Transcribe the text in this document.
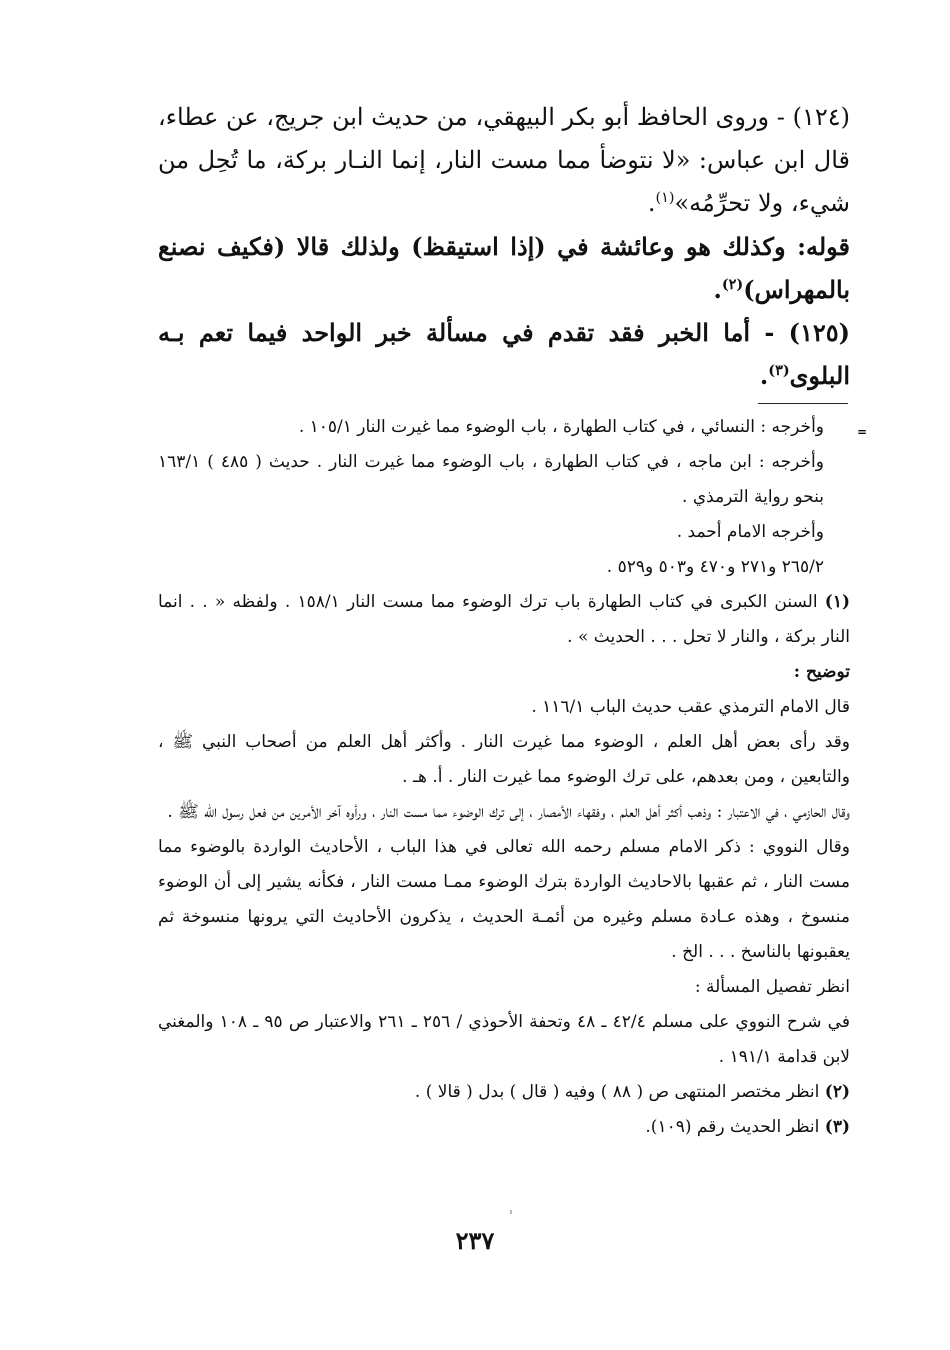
(١٢٤) - وروى الحافظ أبو بكر البيهقي، من حديث ابن جريج، عن عطاء، قال ابن عباس: «لا نتوضأ مما مست النار، إنما النـار بركة، ما تُحِل من شيء، ولا تحرِّمُه»$^{(١)}$.

قوله: وكذلك هو وعائشة في (إذا استيقظ) ولذلك قالا (فكيف نصنع بالمهراس)$^{(٢)}$.

(١٢٥) - أما الخبر فقد تقدم في مسألة خبر الواحد فيما تعم بـه البلوى$^{(٣)}$.

=

وأخرجه : النسائي ، في كتاب الطهارة ، باب الوضوء مما غيرت النار ١٠٥/١ .

وأخرجه : ابن ماجه ، في كتاب الطهارة ، باب الوضوء مما غيرت النار . حديث ( ٤٨٥ ) ١٦٣/١ بنحو رواية الترمذي .

وأخرجه الامام أحمد .

٢٦٥/٢ و٢٧١ و٤٧٠ و٥٠٣ و٥٢٩ .

(١) السنن الكبرى في كتاب الطهارة باب ترك الوضوء مما مست النار ١٥٨/١ . ولفظه « . . انما النار بركة ، والنار لا تحل . . . الحديث » .

توضيح :

قال الامام الترمذي عقب حديث الباب ١١٦/١ .

وقد رأى بعض أهل العلم ، الوضوء مما غيرت النار . وأكثر أهل العلم من أصحاب النبي ﷺ ، والتابعين ، ومن بعدهم، على ترك الوضوء مما غيرت النار . أ. هـ .

وقال الحازمي ، في الاعتبار : وذهب أكثر أهل العلم ، وفقهاء الأمصار ، إلى ترك الوضوء مما مست النار ، ورأوه آخر الأمرين من فعل رسول الله ﷺ .

وقال النووي : ذكر الامام مسلم رحمه الله تعالى في هذا الباب ، الأحاديث الواردة بالوضوء مما مست النار ، ثم عقبها بالاحاديث الواردة بترك الوضوء ممـا مست النار ، فكأنه يشير إلى أن الوضوء منسوخ ، وهذه عـادة مسلم وغيره من أئمـة الحديث ، يذكرون الأحاديث التي يرونها منسوخة ثم يعقبونها بالناسخ . . . الخ .

انظر تفصيل المسألة :

في شرح النووي على مسلم ٤٢/٤ ـ ٤٨ وتحفة الأحوذي / ٢٥٦ ـ ٢٦١ والاعتبار ص ٩٥ ـ ١٠٨ والمغني لابن قدامة ١٩١/١ .

(٢) انظر مختصر المنتهى ص ( ٨٨ ) وفيه ( قال ) بدل ( قالا ) .

(٣) انظر الحديث رقم (١٠٩).

٢٣٧
